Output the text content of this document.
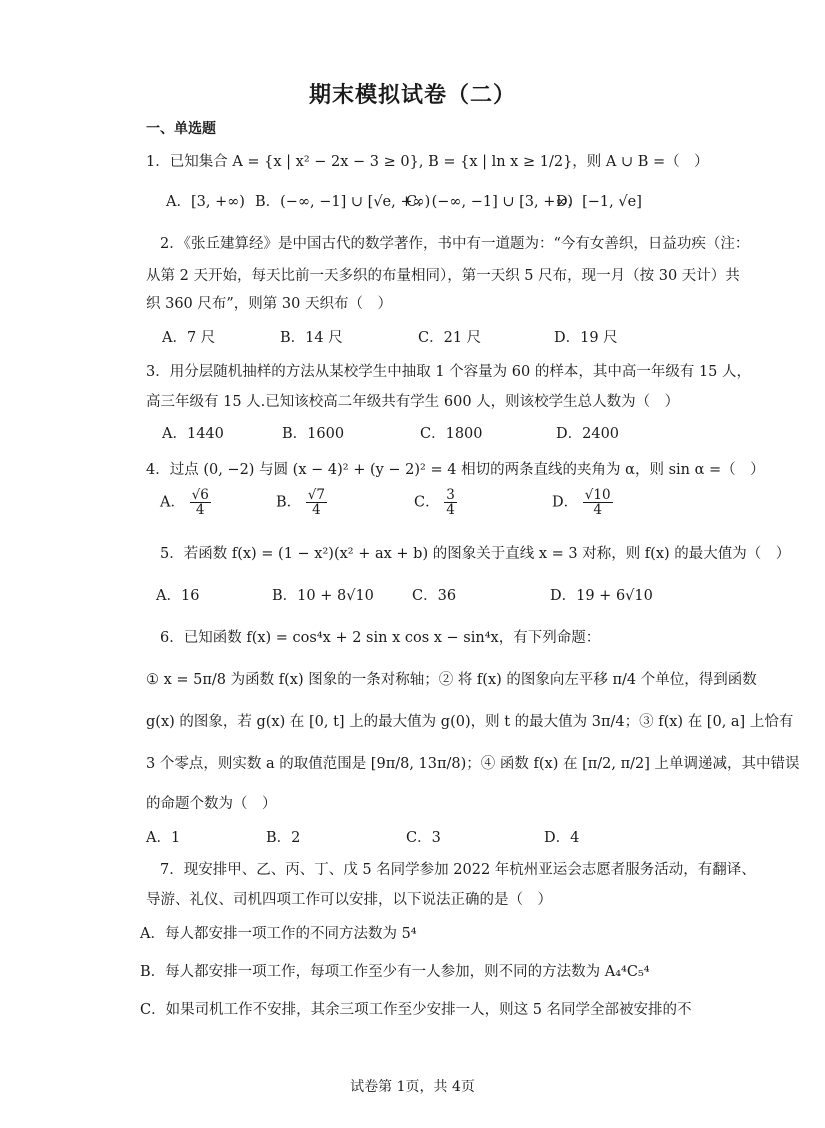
期末模拟试卷（二）
一、单选题
1．已知集合 A = {x | x² − 2x − 3 ≥ 0}, B = {x | ln x ≥ 1/2}，则 A ∪ B =（　）
A．[3, +∞) B．(−∞, −1] ∪ [√e, +∞)
C．(−∞, −1] ∪ [3, +∞)
D．[−1, √e]
2．《张丘建算经》是中国古代的数学著作，书中有一道题为：“今有女善织，日益功疾（注：
从第 2 天开始，每天比前一天多织的布量相同），第一天织 5 尺布，现一月（按 30 天计）共
织 360 尺布”，则第 30 天织布（　）
A．7 尺	B．14 尺	C．21 尺	D．19 尺
3．用分层随机抽样的方法从某校学生中抽取 1 个容量为 60 的样本，其中高一年级有 15 人，
高三年级有 15 人.已知该校高二年级共有学生 600 人，则该校学生总人数为（　）
A．1440	B．1600	C．1800	D．2400
4．过点 (0, −2) 与圆 (x − 4)² + (y − 2)² = 4 相切的两条直线的夹角为 α，则 sin α =（　）
A． $\frac{√6}{4}$	B． $\frac{√7}{4}$	C． $\frac{3}{4}$	D． $\frac{√10}{4}$
5．若函数 f(x) = (1 − x²)(x² + ax + b) 的图象关于直线 x = 3 对称，则 f(x) 的最大值为（　）
A．16	B．10 + 8√10	C．36	D．19 + 6√10
6．已知函数 f(x) = cos⁴x + 2 sin x cos x − sin⁴x，有下列命题：
① x = 5π/8 为函数 f(x) 图象的一条对称轴；② 将 f(x) 的图象向左平移 π/4 个单位，得到函数
g(x) 的图象，若 g(x) 在 [0, t] 上的最大值为 g(0)，则 t 的最大值为 3π/4；③ f(x) 在 [0, a] 上恰有
3 个零点，则实数 a 的取值范围是 [9π/8, 13π/8)；④ 函数 f(x) 在 [π/2, π/2] 上单调递减，其中错误
的命题个数为（　）
A．1	B．2	C．3	D．4
7．现安排甲、乙、丙、丁、戊 5 名同学参加 2022 年杭州亚运会志愿者服务活动，有翻译、
导游、礼仪、司机四项工作可以安排，以下说法正确的是（　）
A．每人都安排一项工作的不同方法数为 5⁴
B．每人都安排一项工作，每项工作至少有一人参加，则不同的方法数为 A₄⁴C₅⁴
C．如果司机工作不安排，其余三项工作至少安排一人，则这 5 名同学全部被安排的不
试卷第 1页，共 4页
